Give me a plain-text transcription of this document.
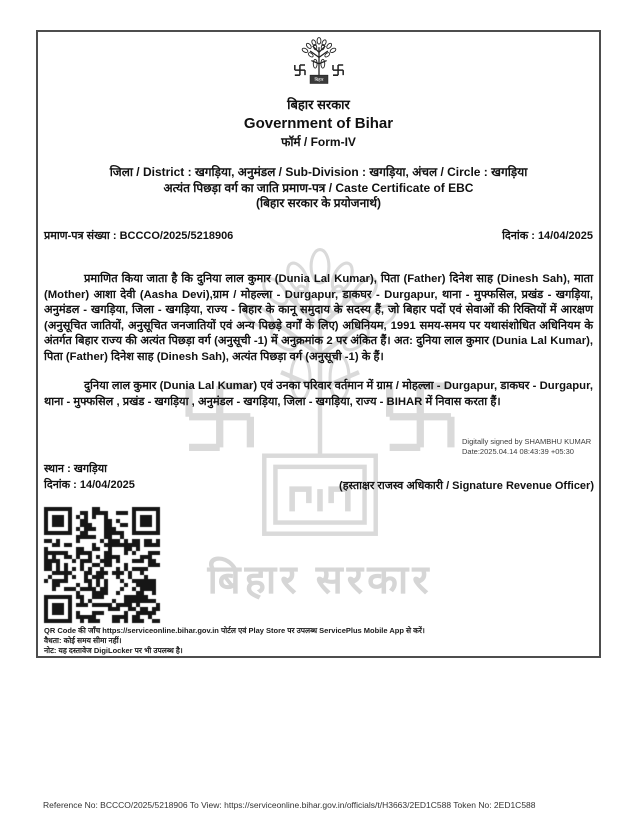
बिहार सरकार
बिहार
बिहार सरकार
Government of Bihar
फॉर्म / Form-IV
जिला / District : खगड़िया, अनुमंडल / Sub-Division : खगड़िया, अंचल / Circle : खगड़िया
अत्यंत पिछड़ा वर्ग का जाति प्रमाण-पत्र / Caste Certificate of EBC
(बिहार सरकार के प्रयोजनार्थ)
प्रमाण-पत्र संख्या : BCCCO/2025/5218906	दिनांक : 14/04/2025
प्रमाणित किया जाता है कि दुनिया लाल कुमार (Dunia Lal Kumar), पिता (Father) दिनेश साह (Dinesh Sah), माता (Mother) आशा देवी (Aasha Devi),ग्राम / मोहल्ला - Durgapur, डाकघर - Durgapur, थाना - मुफ्फसिल, प्रखंड - खगड़िया, अनुमंडल - खगड़िया, जिला - खगड़िया, राज्य - बिहार के कानू समुदाय के सदस्य हैं, जो बिहार पदों एवं सेवाओं की रिक्तियों में आरक्षण (अनुसूचित जातियों, अनुसूचित जनजातियों एवं अन्य पिछड़े वर्गों के लिए) अधिनियम, 1991 समय-समय पर यथासंशोधित अधिनियम के अंतर्गत बिहार राज्य की अत्यंत पिछड़ा वर्ग (अनुसूची -1) में अनुक्रमांक 2 पर अंकित हैं। अत: दुनिया लाल कुमार (Dunia Lal Kumar), पिता (Father) दिनेश साह (Dinesh Sah), अत्यंत पिछड़ा वर्ग (अनुसूची -1) के हैं।
दुनिया लाल कुमार (Dunia Lal Kumar) एवं उनका परिवार वर्तमान में ग्राम / मोहल्ला - Durgapur, डाकघर - Durgapur, थाना - मुफ्फसिल , प्रखंड - खगड़िया , अनुमंडल - खगड़िया, जिला - खगड़िया, राज्य - BIHAR में निवास करता हैं।
Digitally signed by SHAMBHU KUMAR
Date:2025.04.14 08:43:39 +05:30
स्थान : खगड़िया
दिनांक : 14/04/2025	(हस्ताक्षर राजस्व अधिकारी / Signature Revenue Officer)
QR Code की जाँच https://serviceonline.bihar.gov.in पोर्टल एवं Play Store पर उपलब्ध ServicePlus Mobile App से करें।
वैधता: कोई समय सीमा नहीं।
नोट: यह दस्तावेज DigiLocker पर भी उपलब्ध है।
Reference No: BCCCO/2025/5218906 To View: https://serviceonline.bihar.gov.in/officials/t/H3663/2ED1C588 Token No: 2ED1C588
